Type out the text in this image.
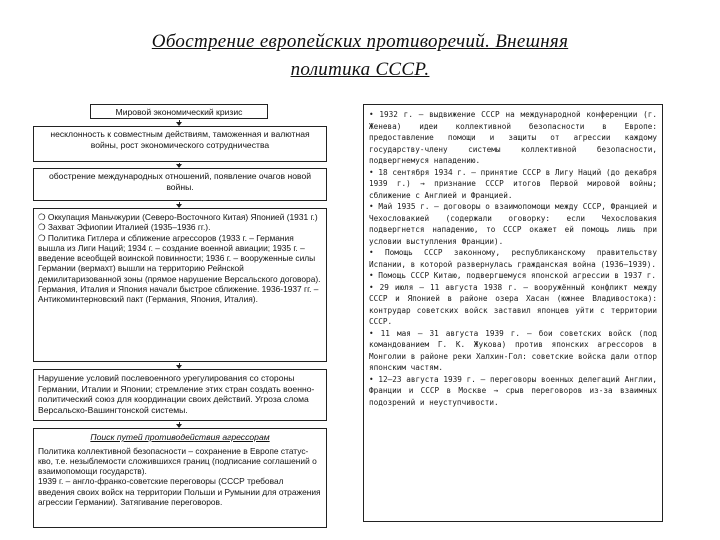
Обострение европейских противоречий. Внешняя
политика СССР.
Мировой экономический кризис
несклонность к совместным действиям, таможенная и валютная войны, рост экономического сотрудничества
обострение международных отношений, появление очагов новой войны.

❍ Оккупация Маньчжурии (Северо-Восточного Китая) Японией (1931 г.)

❍ Захват Эфиопии Италией (1935–1936 гг.).

❍ Политика Гитлера и сближение агрессоров (1933 г. – Германия вышла из Лиги Наций; 1934 г. – создание военной авиации; 1935 г. – введение всеобщей воинской повинности; 1936 г. – вооруженные силы Германии (вермахт) вышли на территорию Рейнской демилитаризованной зоны (прямое нарушение Версальского договора).

Германия, Италия и Япония начали быстрое сближение. 1936-1937 гг. – Антикоминтерновский пакт (Германия, Япония, Италия).

Нарушение условий послевоенного урегулирования со стороны Германии, Италии и Японии; стремление этих стран создать военно-политический союз для координации своих действий. Угроза слома Версальско-Вашингтонской системы.
Поиск путей противодействия агрессорам

Политика коллективной безопасности – сохранение в Европе статус-кво, т.е. незыблемости сложившихся границ (подписание соглашений о взаимопомощи государств).

1939 г. – англо-франко-советские переговоры (СССР требовал введения своих войск на территории Польши и Румынии для отражения агрессии Германии). Затягивание переговоров.

• 1932 г. — выдвижение СССР на международной конференции (г. Женева) идеи коллективной безопасности в Европе: предоставление помощи и защиты от агрессии каждому государству-члену системы коллективной безопасности, подвергнемуся нападению.

• 18 сентября 1934 г. — принятие СССР в Лигу Наций (до декабря 1939 г.) → признание СССР итогов Первой мировой войны; сближение с Англией и Францией.

• Май 1935 г. — договоры о взаимопомощи между СССР, Францией и Чехословакией (содержали оговорку: если Чехословакия подвергнется нападению, то СССР окажет ей помощь лишь при условии выступления Франции).

• Помощь СССР законному, республиканскому правительству Испании, в которой развернулась гражданская война (1936–1939).

• Помощь СССР Китаю, подвергшемуся японской агрессии в 1937 г.

• 29 июля — 11 августа 1938 г. — вооружённый конфликт между СССР и Японией в районе озера Хасан (южнее Владивостока): контрудар советских войск заставил японцев уйти с территории СССР.

• 11 мая — 31 августа 1939 г. — бои советских войск (под командованием Г. К. Жукова) против японских агрессоров в Монголии в районе реки Халхин-Гол: советские войска дали отпор японским частям.

• 12—23 августа 1939 г. — переговоры военных делегаций Англии, Франции и СССР в Москве → срыв переговоров из-за взаимных подозрений и неуступчивости.
